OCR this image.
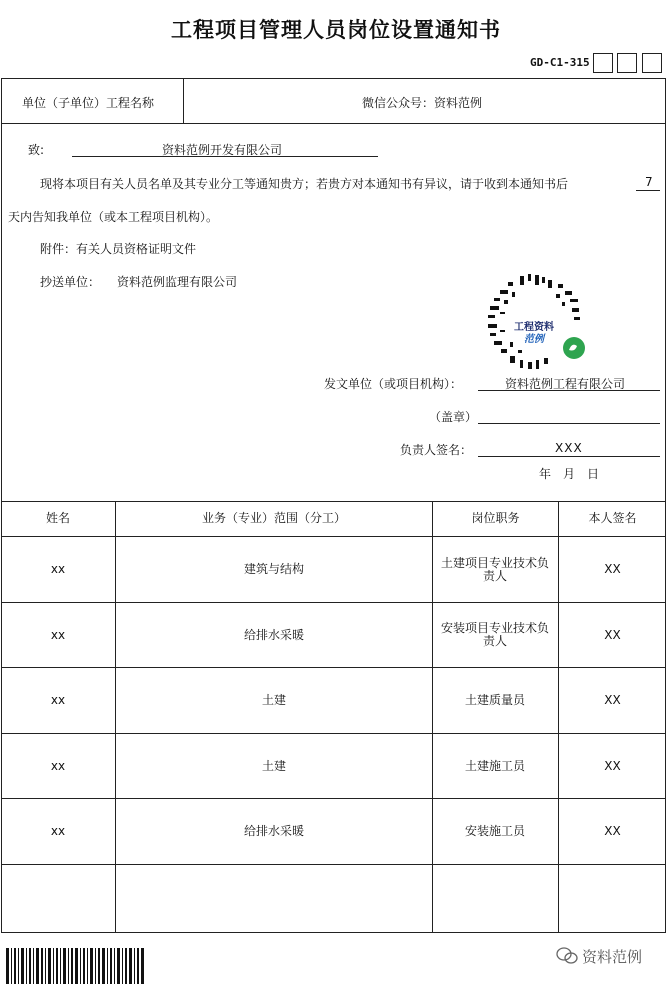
工程项目管理人员岗位设置通知书
GD-C1-315
单位（子单位）工程名称	微信公众号：资料范例
致:	资料范例开发有限公司
现将本项目有关人员名单及其专业分工等通知贵方；若贵方对本通知书有异议，请于收到本通知书后	7
天内告知我单位（或本工程项目机构）。
附件：有关人员资格证明文件
抄送单位： 资料范例监理有限公司
工程资料
范例
发文单位（或项目机构）：	资料范例工程有限公司
（盖章）
负责人签名：	XXX
年　月　日
姓名	业务（专业）范围（分工）	岗位职务	本人签名
xx	建筑与结构	土建项目专业技术负责人	XX
xx	给排水采暖	安装项目专业技术负责人	XX
xx	土建	土建质量员	XX
xx	土建	土建施工员	XX
xx	给排水采暖	安装施工员	XX
资料范例
